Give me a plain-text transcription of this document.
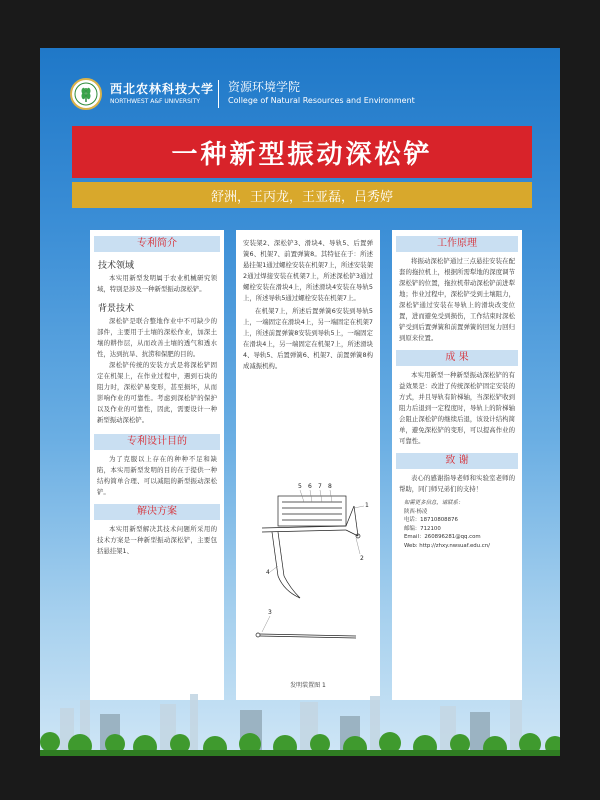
西北农林科技大学
NORTHWEST A&F UNIVERSITY
资源环境学院
College of Natural Resources and Environment
一种新型振动深松铲
舒洲，王丙龙，王亚磊，吕秀婷
专利简介
技术领域
本实用新型发明属于农业机械研究领域，特别是涉及一种新型振动深松铲。
背景技术
深松铲是联合整地作业中不可缺少的部件，主要用于土壤的深松作业，加深土壤的耕作层，从而改善土壤的透气和透水性，达到抗旱、抗涝和保肥的目的。
深松铲传统的安装方式是将深松铲固定在机架上，在作业过程中，遇到石块的阻力时，深松铲易变形，甚至损坏，从而影响作业的可靠性。考虑到深松铲的保护以及作业的可靠性，因此，需要设计一种新型振动深松铲。
专利设计目的
为了克服以上存在的种种不足和缺陷，本实用新型发明的目的在于提供一种结构简单合理、可以减阻的新型振动深松铲。
解决方案
本实用新型解决其技术问题所采用的技术方案是一种新型振动深松铲，主要包括悬挂架1、
安装架2、深松铲3、滑块4、导轨5、后置弹簧6、机架7、前置弹簧8。其特征在于：所述悬挂架1通过螺栓安装在机架7上，所述安装架2通过焊接安装在机架7上，所述深松铲3通过螺栓安装在滑块4上，所述滑块4安装在导轨5上，所述导轨5通过螺栓安装在机架7上。
在机架7上，所述后置弹簧6安装到导轨5上，一端固定在滑块4上，另一端固定在机架7上，所述前置弹簧8安装到导轨5上，一端固定在滑块4上，另一端固定在机架7上，所述滑块4、导轨5、后置弹簧6、机架7、前置弹簧8构成减振机构。
5 6 7 8
1
2
4
3
发明装置图 1
工作原理
将振动深松铲通过三点悬挂安装在配套的拖拉机上，根据所需犁地的深度调节深松铲的位置，拖拉机带动深松铲前进犁地；作业过程中，深松铲受到土壤阻力，深松铲通过安装在导轨上的滑块改变位置，进而避免受到损伤，工作结束时深松铲受到后置弹簧和前置弹簧的回复力回归到原来位置。
成 果
本实用新型一种新型振动深松铲的有益效果是：改进了传统深松铲固定安装的方式，并且导轨有阶梯轴，当深松铲收到阻力后退到一定程度时，导轨上的阶梯轴会阻止深松铲的继续后退，该设计结构简单，避免深松铲的变形，可以提高作业的可靠性。
致 谢
表心的感谢指导老师和实验室老师的帮助，同门师兄弟们的支持！
如需更多信息，请联系：
陕西·杨凌
电话：18710808876
邮编：712100
Email：260896281@qq.com
Web: http://zhxy.nwsuaf.edu.cn/
